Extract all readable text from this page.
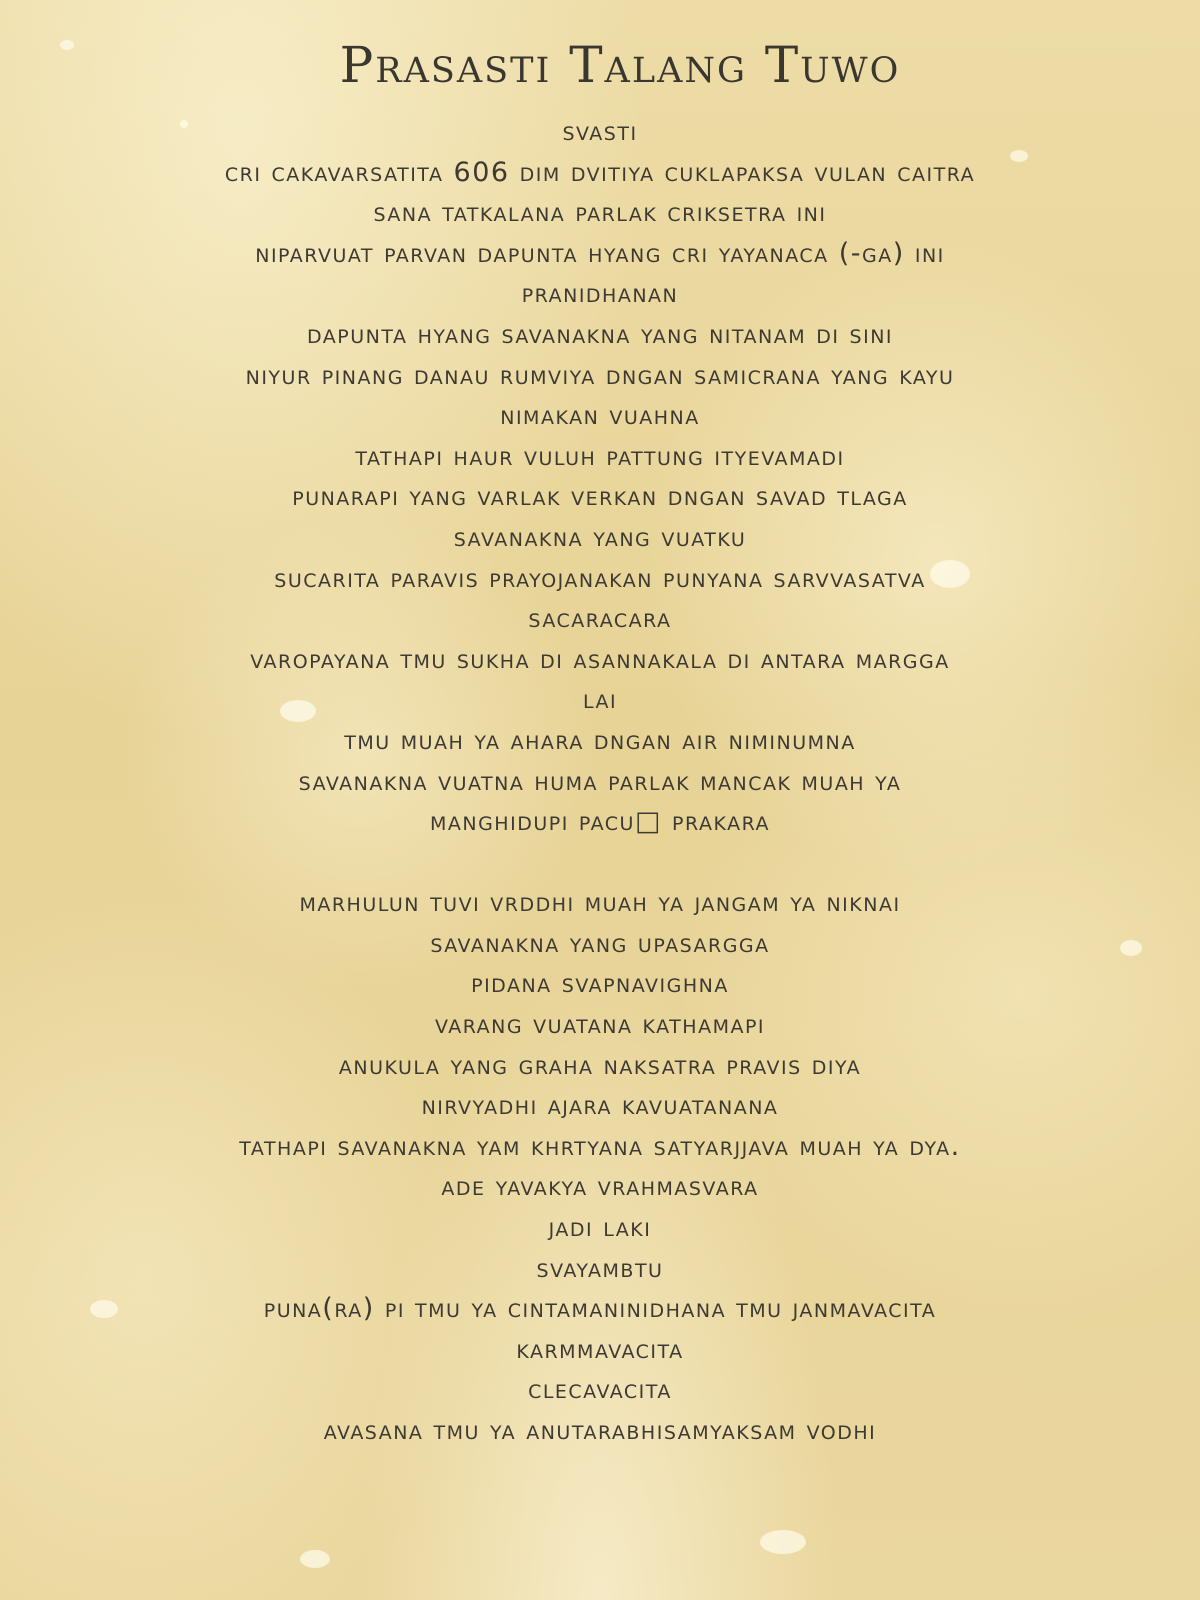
Prasasti Talang Tuwo
svasti
cri cakavarsatita 606 dim dvitiya cuklapaksa vulan caitra
sana tatkalana parlak criksetra ini
niparvuat parvan dapunta hyang cri yayanaca (-ga) ini
pranidhanan
dapunta hyang savanakna yang nitanam di sini
niyur pinang danau rumviya dngan samicrana yang kayu
nimakan vuahna
tathapi haur vuluh pattung ityevamadi
punarapi yang varlak verkan dngan savad tlaga
savanakna yang vuatku
sucarita paravis prayojanakan punyana sarvvasatva
sacaracara
varopayana tmu sukha di asannakala di antara margga
lai
tmu muah ya ahara dngan air niminumna
savanakna vuatna huma parlak mancak muah ya
manghidupi pacu□ prakara
marhulun tuvi vrddhi muah ya jangam ya niknai
savanakna yang upasargga
pidana svapnavighna
varang vuatana kathamapi
anukula yang graha naksatra pravis diya
nirvyadhi ajara kavuatanana
tathapi savanakna yam khrtyana satyarjjava muah ya dya.
ade yavakya vrahmasvara
jadi laki
svayambtu
puna(ra) pi tmu ya cintamaninidhana tmu janmavacita
karmmavacita
clecavacita
avasana tmu ya anutarabhisamyaksam vodhi
